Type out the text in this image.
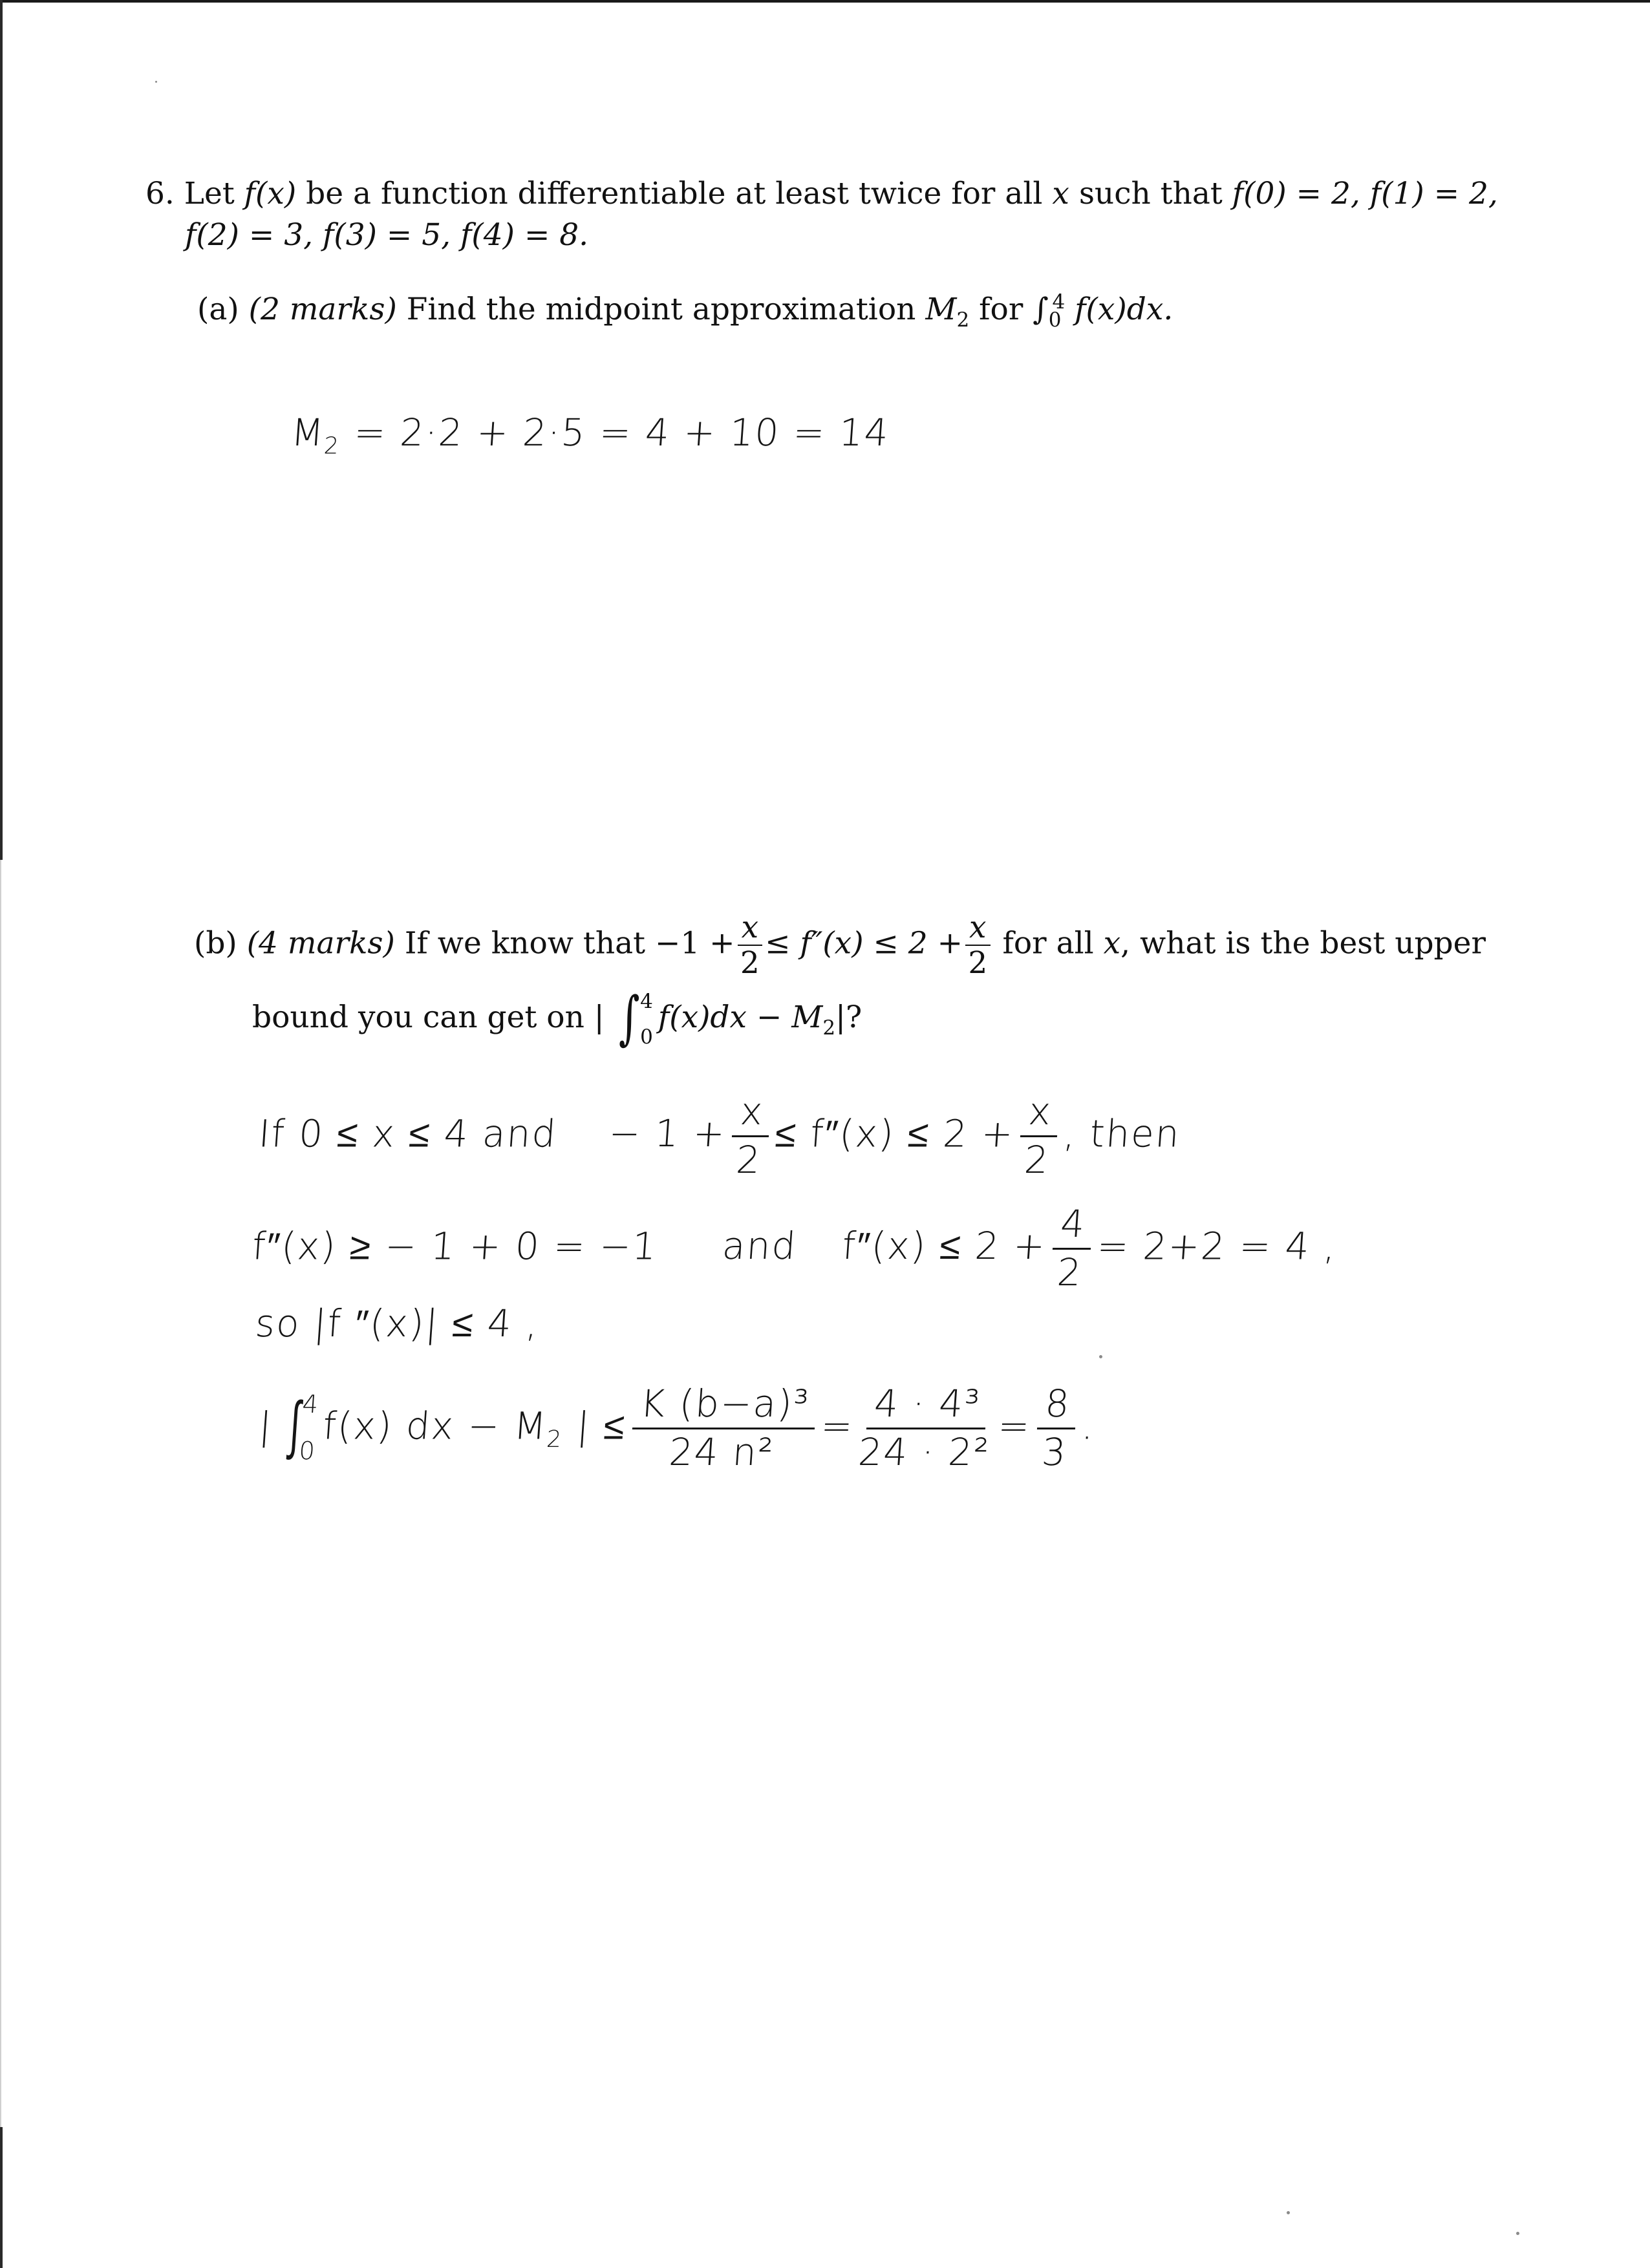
6. Let f(x) be a function differentiable at least twice for all x such that f(0) = 2, f(1) = 2,
f(2) = 3, f(3) = 5, f(4) = 8.
(a) (2 marks) Find the midpoint approximation $M_2$ for $\int_0^4$ f(x)dx.
$M_2 = 2\cdot 2 + 2\cdot 5 = 4 + 10 = 14$
(b) (4 marks) If we know that $-1 + \frac{x}{2} \le f''(x) \le 2 + \frac{x}{2}$ for all x, what is the best upper
bound you can get on | ∫ 4
0
$f(x)dx - M_2|$?
If 0 ≤ x ≤ 4 and − $1 + \frac{x}{2} \le f''(x) \le 2 + \frac{x}{2}$ , then
f″(x) ≥ − 1 + 0 = −1 and $f''(x) \le 2 + \frac{4}{2} = 2+2 = 4$ ,
so |f ″(x)| ≤ 4 ,
| ∫
4
0
f(x) dx − $M_2$ | ≤ $\frac{\text{K (b−a)³}}{\text{24 n²}} = \frac{\text{4 · 4³}}{\text{24 · 2²}} = \frac{8}{3}$ .
